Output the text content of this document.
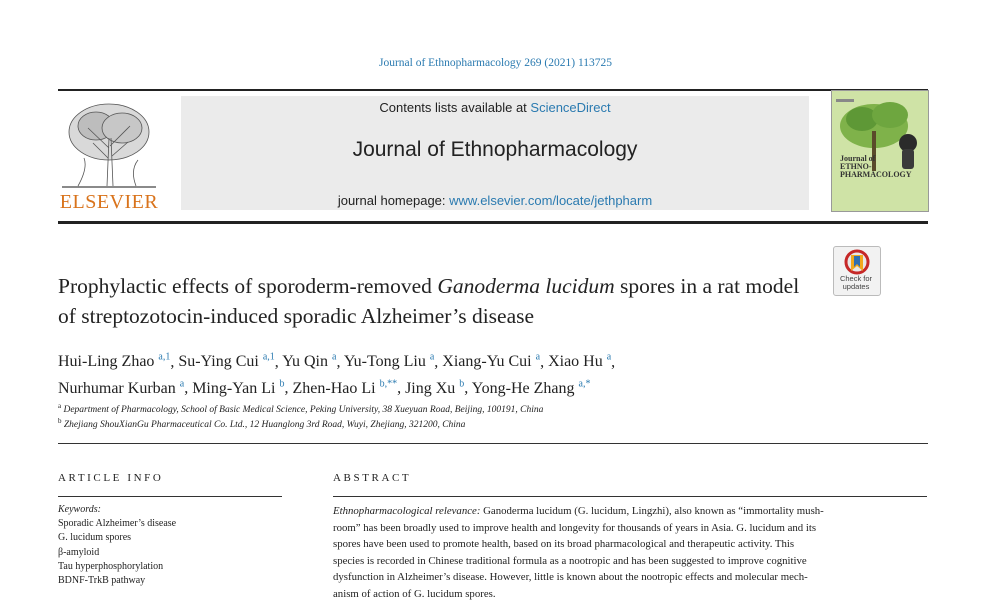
Journal of Ethnopharmacology 269 (2021) 113725
ELSEVIER
Contents lists available at ScienceDirect
Journal of Ethnopharmacology
journal homepage: www.elsevier.com/locate/jethpharm
Journal of
ETHNO-
PHARMACOLOGY
Check for
updates
Prophylactic effects of sporoderm-removed Ganoderma lucidum spores in a rat model of streptozotocin-induced sporadic Alzheimer’s disease
Hui-Ling Zhao $^{a,1}$, Su-Ying Cui $^{a,1}$, Yu Qin $^a$, Yu-Tong Liu $^a$, Xiang-Yu Cui $^a$, Xiao Hu $^a$,
Nurhumar Kurban $^a$, Ming-Yan Li $^b$, Zhen-Hao Li $^{b,**}$, Jing Xu $^b$, Yong-He Zhang $^{a,*}$
$^a$ Department of Pharmacology, School of Basic Medical Science, Peking University, 38 Xueyuan Road, Beijing, 100191, China
$^b$ Zhejiang ShouXianGu Pharmaceutical Co. Ltd., 12 Huanglong 3rd Road, Wuyi, Zhejiang, 321200, China
ARTICLE INFO
Keywords:
Sporadic Alzheimer’s disease
G. lucidum spores
β-amyloid
Tau hyperphosphorylation
BDNF-TrkB pathway
ABSTRACT
Ethnopharmacological relevance: Ganoderma lucidum (G. lucidum, Lingzhi), also known as “immortality mush-
room” has been broadly used to improve health and longevity for thousands of years in Asia. G. lucidum and its
spores have been used to promote health, based on its broad pharmacological and therapeutic activity. This
species is recorded in Chinese traditional formula as a nootropic and has been suggested to improve cognitive
dysfunction in Alzheimer’s disease. However, little is known about the nootropic effects and molecular mech-
anism of action of G. lucidum spores.
